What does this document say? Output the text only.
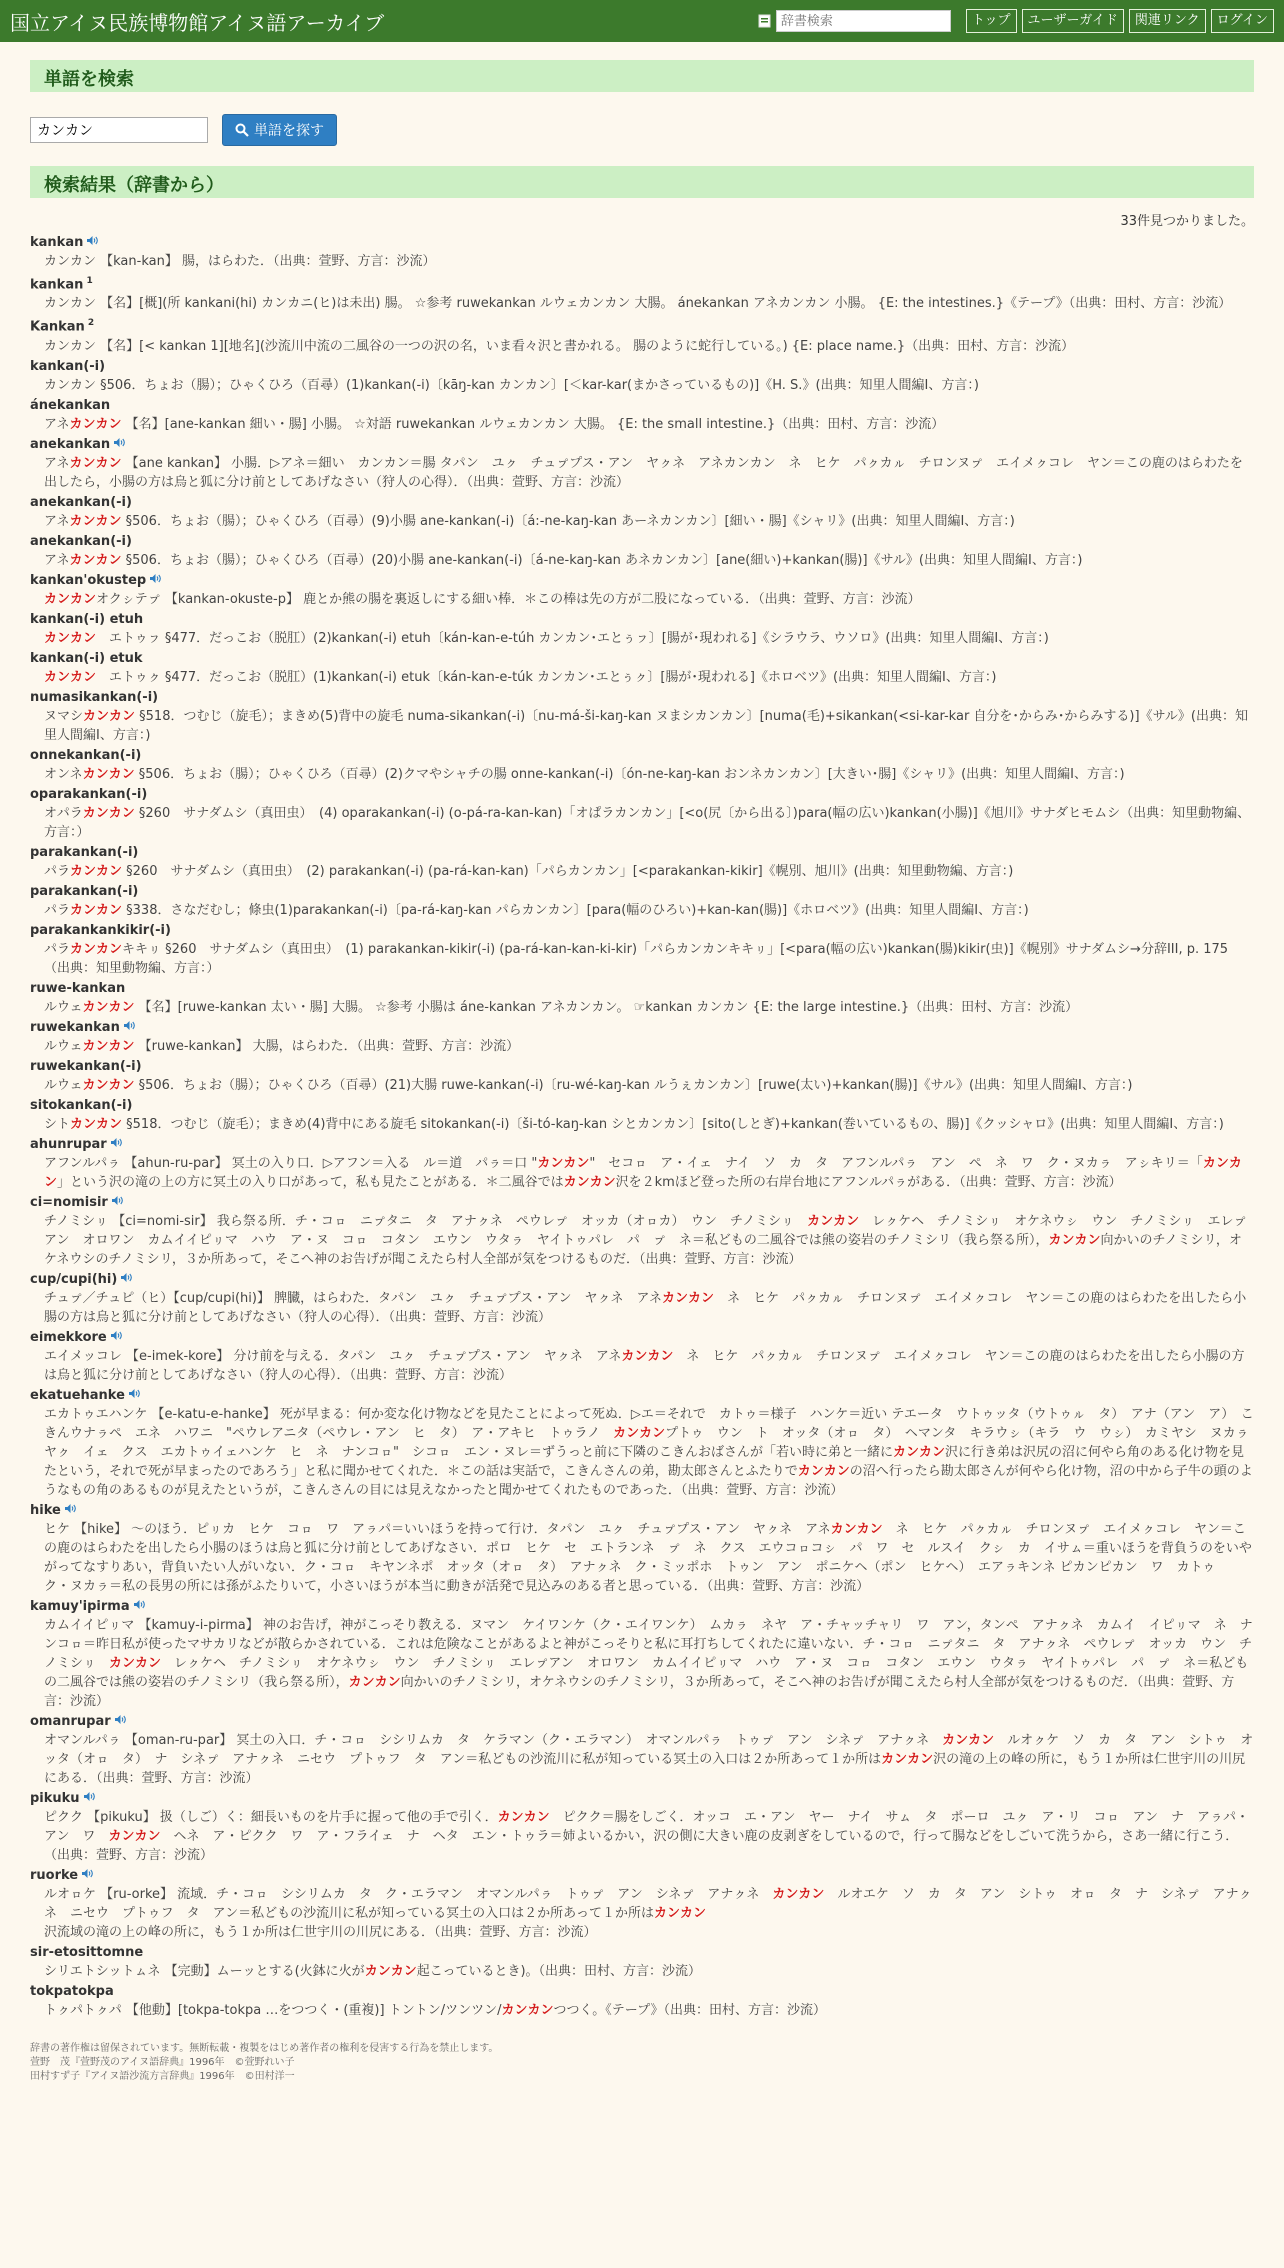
国立アイヌ民族博物館アイヌ語アーカイブ
辞書検索	トップ	ユーザーガイド	関連リンク	ログイン
単語を検索
カンカン
単語を探す
検索結果（辞書から）
33件見つかりました。
kankan
カンカン 【kan-kan】 腸，はらわた．（出典：萱野、方言：沙流）
kankan $^1$
カンカン 【名】[概](所 kankani(hi) カンカニ(ヒ)は未出) 腸。 ☆参考 ruwekankan ルウェカンカン 大腸。 ánekankan アネカンカン 小腸。 {E: the intestines.}《テープ》（出典：田村、方言：沙流）
Kankan $^2$
カンカン 【名】[< kankan 1][地名](沙流川中流の二風谷の一つの沢の名，いま看々沢と書かれる。 腸のように蛇行している。) {E: place name.}（出典：田村、方言：沙流）
kankan(-i)
カンカン §506．ちょお（腸）；ひゃくひろ（百尋）(1)kankan(-i)〔kāŋ-kan カンカン〕[＜kar-kar(まかさっているもの)]《H. S.》(出典：知里人間編I、方言：)
ánekankan
アネカンカン 【名】[ane-kankan 細い・腸] 小腸。 ☆対語 ruwekankan ルウェカンカン 大腸。 {E: the small intestine.}（出典：田村、方言：沙流）
anekankan
アネカンカン 【ane kankan】 小腸．▷アネ＝細い　カンカン＝腸 タパン　ユㇰ　チュㇷ゚プス・アン　ヤㇰネ　アネカンカン　ネ　ヒケ　パㇰカㇽ　チロンヌㇷ゚　エイメㇰコレ　ヤン＝この鹿のはらわたを出したら，小腸の方は烏と狐に分け前としてあげなさい（狩人の心得）．（出典：萱野、方言：沙流）
anekankan(-i)
アネカンカン §506．ちょお（腸）；ひゃくひろ（百尋）(9)小腸 ane-kankan(-i)〔á:-ne-kaŋ-kan あーネカンカン〕[細い・腸]《シャリ》(出典：知里人間編I、方言：)
anekankan(-i)
アネカンカン §506．ちょお（腸）；ひゃくひろ（百尋）(20)小腸 ane-kankan(-i)〔á-ne-kaŋ-kan あネカンカン〕[ane(細い)+kankan(腸)]《サル》(出典：知里人間編I、方言：)
kankan'okustep
カンカンオクㇱテㇷ゚ 【kankan-okuste-p】 鹿とか熊の腸を裏返しにする細い棒．＊この棒は先の方が二股になっている．（出典：萱野、方言：沙流）
kankan(-i) etuh
カンカン　エトゥㇷ §477．だっこお（脱肛）(2)kankan(-i) etuh〔kán-kan-e-túh カンカン･エとぅㇷ〕[腸が･現われる]《シラウラ、ウソロ》(出典：知里人間編I、方言：)
kankan(-i) etuk
カンカン　エトゥㇰ §477．だっこお（脱肛）(1)kankan(-i) etuk〔kán-kan-e-túk カンカン･エとぅㇰ〕[腸が･現われる]《ホロベツ》(出典：知里人間編I、方言：)
numasikankan(-i)
ヌマシカンカン §518．つむじ（旋毛）；まきめ(5)背中の旋毛 numa-sikankan(-i)〔nu-má-ši-kaŋ-kan ヌまシカンカン〕[numa(毛)+sikankan(<si-kar-kar 自分を･からみ･からみする)]《サル》(出典：知里人間編I、方言：)
onnekankan(-i)
オンネカンカン §506．ちょお（腸）；ひゃくひろ（百尋）(2)クマやシャチの腸 onne-kankan(-i)〔ón-ne-kaŋ-kan おンネカンカン〕[大きい･腸]《シャリ》(出典：知里人間編I、方言：)
oparakankan(-i)
オパラカンカン §260　サナダムシ（真田虫）　(4) oparakankan(-i) (o-pá-ra-kan-kan)「オぱラカンカン」[<o(尻〔から出る〕)para(幅の広い)kankan(小腸)]《旭川》サナダヒモムシ（出典：知里動物編、方言：）
parakankan(-i)
パラカンカン §260　サナダムシ（真田虫）　(2) parakankan(-i) (pa-rá-kan-kan)「パらカンカン」[<parakankan-kikir]《幌別、旭川》(出典：知里動物編、方言：)
parakankan(-i)
パラカンカン §338．さなだむし；條虫(1)parakankan(-i)〔pa-rá-kaŋ-kan パらカンカン〕[para(幅のひろい)+kan-kan(腸)]《ホロベツ》(出典：知里人間編I、方言：)
parakankankikir(-i)
パラカンカンキキㇼ §260　サナダムシ（真田虫）　(1) parakankan-kikir(-i) (pa-rá-kan-kan-ki-kir)「パらカンカンキキㇼ」[<para(幅の広い)kankan(腸)kikir(虫)]《幌別》サナダムシ→分辞III, p. 175（出典：知里動物編、方言：）
ruwe-kankan
ルウェカンカン 【名】[ruwe-kankan 太い・腸] 大腸。 ☆参考 小腸は áne-kankan アネカンカン。 ☞kankan カンカン {E: the large intestine.}（出典：田村、方言：沙流）
ruwekankan
ルウェカンカン 【ruwe-kankan】 大腸，はらわた．（出典：萱野、方言：沙流）
ruwekankan(-i)
ルウェカンカン §506．ちょお（腸）；ひゃくひろ（百尋）(21)大腸 ruwe-kankan(-i)〔ru-wé-kaŋ-kan ルうぇカンカン〕[ruwe(太い)+kankan(腸)]《サル》(出典：知里人間編I、方言：)
sitokankan(-i)
シトカンカン §518．つむじ（旋毛）；まきめ(4)背中にある旋毛 sitokankan(-i)〔ši-tó-kaŋ-kan シとカンカン〕[sito(しとぎ)+kankan(巻いているもの、腸)]《クッシャロ》(出典：知里人間編I、方言：)
ahunrupar
アフンルパㇻ 【ahun-ru-par】 冥土の入り口．▷アフン＝入る　ル＝道　パㇻ＝口 "カンカン"　セコㇿ　ア・イェ　ナイ　ソ　カ　タ　アフンルパㇻ　アン　ペ　ネ　ワ　ク・ヌカㇻ　アㇱキリ＝「カンカン」という沢の滝の上の方に冥土の入り口があって，私も見たことがある．＊二風谷ではカンカン沢を２kmほど登った所の右岸台地にアフンルパㇻがある．（出典：萱野、方言：沙流）
ci=nomisir
チノミシㇼ 【ci=nomi-sir】 我ら祭る所．チ・コㇿ　ニㇷ゚タニ　タ　アナㇰネ　ペウレㇷ゚　オッカ（オㇿカ）　ウン　チノミシㇼ　カンカン　レㇰケヘ　チノミシㇼ　オケネウㇱ　ウン　チノミシㇼ　エレㇷ゚アン　オロワン　カムイイピㇼマ　ハウ　ア・ヌ　コㇿ　コタン　エウン　ウタㇻ　ヤイトゥパレ　パ　ㇷ゚　ネ＝私どもの二風谷では熊の姿岩のチノミシリ（我ら祭る所），カンカン向かいのチノミシリ，オケネウシのチノミシリ，３か所あって，そこへ神のお告げが聞こえたら村人全部が気をつけるものだ．（出典：萱野、方言：沙流）
cup/cupi(hi)
チュㇷ゚／チュピ（ヒ）【cup/cupi(hi)】 脾臓，はらわた．タパン　ユㇰ　チュㇷ゚プス・アン　ヤㇰネ　アネカンカン　ネ　ヒケ　パㇰカㇽ　チロンヌㇷ゚　エイメㇰコレ　ヤン＝この鹿のはらわたを出したら小腸の方は烏と狐に分け前としてあげなさい（狩人の心得）．（出典：萱野、方言：沙流）
eimekkore
エイメッコレ 【e-imek-kore】 分け前を与える．タパン　ユㇰ　チュㇷ゚プス・アン　ヤㇰネ　アネカンカン　ネ　ヒケ　パㇰカㇽ　チロンヌㇷ゚　エイメㇰコレ　ヤン＝この鹿のはらわたを出したら小腸の方は烏と狐に分け前としてあげなさい（狩人の心得）．（出典：萱野、方言：沙流）
ekatuehanke
エカトゥエハンケ 【e-katu-e-hanke】 死が早まる：何か変な化け物などを見たことによって死ぬ．▷エ＝それで　カトゥ＝様子　ハンケ＝近い テエータ　ウトゥッタ（ウトゥㇽ　タ）　アナ（アン　ア）　こきんウナㇻペ　エネ　ハワニ　"ペウレアニタ（ペウレ・アン　ヒ　タ）　ア・アキヒ　トゥラノ　カンカンプトゥ　ウン　ト　オッタ（オㇿ　タ）　ヘマンタ　キラウㇱ（キラ　ウ　ウㇱ）　カミヤシ　ヌカㇻ　ヤㇰ　イェ　クス　エカトゥイェハンケ　ヒ　ネ　ナンコㇿ"　シコㇿ　エン・ヌレ＝ずうっと前に下隣のこきんおばさんが「若い時に弟と一緒にカンカン沢に行き弟は沢尻の沼に何やら角のある化け物を見たという，それで死が早まったのであろう」と私に聞かせてくれた．＊この話は実話で，こきんさんの弟，勘太郎さんとふたりでカンカンの沼へ行ったら勘太郎さんが何やら化け物，沼の中から子牛の頭のようなもの角のあるものが見えたというが，こきんさんの目には見えなかったと聞かせてくれたものであった．（出典：萱野、方言：沙流）
hike
ヒケ 【hike】 ～のほう．ピㇼカ　ヒケ　コㇿ　ワ　アㇻパ＝いいほうを持って行け．タパン　ユㇰ　チュㇷ゚プス・アン　ヤㇰネ　アネカンカン　ネ　ヒケ　パㇰカㇽ　チロンヌㇷ゚　エイメㇰコレ　ヤン＝この鹿のはらわたを出したら小腸のほうは烏と狐に分け前としてあげなさい．ポロ　ヒケ　セ　エトランネ　ㇷ゚　ネ　クス　エウコㇿコㇱ　パ　ワ　セ　ルスイ　クㇱ　カ　イサㇺ＝重いほうを背負うのをいやがってなすりあい，背負いたい人がいない．ク・コㇿ　キヤンネポ　オッタ（オㇿ　タ）　アナㇰネ　ク・ミッポホ　トゥン　アン　ポニケヘ（ポン　ヒケヘ）　エアㇻキンネ ピカンピカン　ワ　カトゥ　ク・ヌカㇻ＝私の長男の所には孫がふたりいて，小さいほうが本当に動きが活発で見込みのある者と思っている．（出典：萱野、方言：沙流）
kamuy'ipirma
カムイイピㇼマ 【kamuy-i-pirma】 神のお告げ，神がこっそり教える．ヌマン　ケイワンケ（ク・エイワンケ）　ムカㇻ　ネヤ　ア・チャッチャリ　ワ　アン，タンペ　アナㇰネ　カムイ　イピㇼマ　ネ　ナンコㇿ＝昨日私が使ったマサカリなどが散らかされている．これは危険なことがあるよと神がこっそりと私に耳打ちしてくれたに違いない．チ・コㇿ　ニㇷ゚タニ　タ　アナㇰネ　ペウレㇷ゚　オッカ　ウン　チノミシㇼ　カンカン　レㇰケヘ　チノミシㇼ　オケネウㇱ　ウン　チノミシㇼ　エレㇷ゚アン　オロワン　カムイイピㇼマ　ハウ　ア・ヌ　コㇿ　コタン　エウン　ウタㇻ　ヤイトゥパレ　パ　ㇷ゚　ネ＝私どもの二風谷では熊の姿岩のチノミシリ（我ら祭る所），カンカン向かいのチノミシリ，オケネウシのチノミシリ，３か所あって，そこへ神のお告げが聞こえたら村人全部が気をつけるものだ．（出典：萱野、方言：沙流）
omanrupar
オマンルパㇻ 【oman-ru-par】 冥土の入口．チ・コㇿ　シシリムカ　タ　ケラマン（ク・エラマン）　オマンルパㇻ　トゥㇷ゚　アン　シネㇷ゚　アナㇰネ　カンカン　ルオㇰケ　ソ　カ　タ　アン　シトゥ　オッタ（オㇿ　タ）　ナ　シネㇷ゚　アナㇰネ　ニセウ　プトゥフ　タ　アン＝私どもの沙流川に私が知っている冥土の入口は２か所あって１か所はカンカン沢の滝の上の峰の所に，もう１か所は仁世宇川の川尻にある．（出典：萱野、方言：沙流）
pikuku
ピクク 【pikuku】 扱（しご）く：細長いものを片手に握って他の手で引く．カンカン　ピクク＝腸をしごく．オッコ　エ・アン　ヤー　ナイ　サㇺ　タ　ポーロ　ユㇰ　ア・リ　コㇿ　アン　ナ　アㇻパ・アン　ワ　カンカン　ヘネ　ア・ピクク　ワ　ア・フライェ　ナ　ヘタ　エン・トゥラ＝姉よいるかい，沢の側に大きい鹿の皮剥ぎをしているので，行って腸などをしごいて洗うから，さあ一緒に行こう．（出典：萱野、方言：沙流）
ruorke
ルオㇿケ 【ru-orke】 流域．チ・コㇿ　シシリムカ　タ　ク・エラマン　オマンルパㇻ　トゥㇷ゚　アン　シネㇷ゚　アナㇰネ　カンカン　ルオエケ　ソ　カ　タ　アン　シトゥ　オㇿ　タ　ナ　シネㇷ゚　アナㇰネ　ニセウ　プトゥフ　タ　アン＝私どもの沙流川に私が知っている冥土の入口は２か所あって１か所はカンカン沢流域の滝の上の峰の所に，もう１か所は仁世宇川の川尻にある．（出典：萱野、方言：沙流）
sir-etosittomne
シリエトシットㇺネ 【完動】ムーッとする(火鉢に火がカンカン起こっているとき)。（出典：田村、方言：沙流）
tokpatokpa
トㇰパトㇰパ 【他動】[tokpa-tokpa …をつつく・(重複)] トントン/ツンツン/カンカンつつく。《テープ》（出典：田村、方言：沙流）
辞書の著作権は留保されています。無断転載・複製をはじめ著作者の権利を侵害する行為を禁止します。
萱野　茂『萱野茂のアイヌ語辞典』1996年　©萱野れい子
田村すず子『アイヌ語沙流方言辞典』1996年　©田村洋一
